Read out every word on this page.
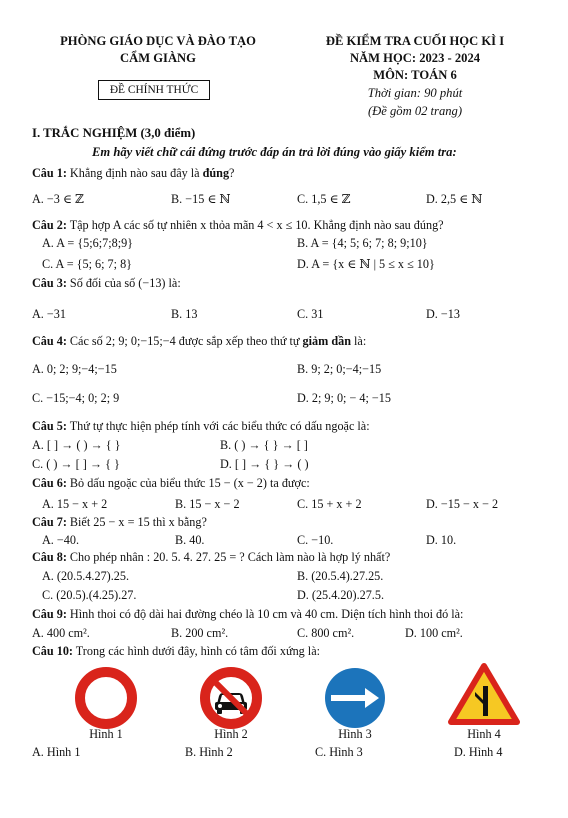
PHÒNG GIÁO DỤC VÀ ĐÀO TẠO
CẨM GIÀNG
ĐỀ CHÍNH THỨC
ĐỀ KIỂM TRA CUỐI HỌC KÌ I
NĂM HỌC: 2023 - 2024
MÔN: TOÁN 6
Thời gian: 90 phút
(Đề gồm 02 trang)
I. TRẮC NGHIỆM (3,0 điểm)
Em hãy viết chữ cái đứng trước đáp án trả lời đúng vào giấy kiểm tra:
Câu 1: Khẳng định nào sau đây là đúng?
A. −3 ∈ ℤ	B. −15 ∈ ℕ	C. 1,5 ∈ ℤ	D. 2,5 ∈ ℕ
Câu 2: Tập hợp A các số tự nhiên x thỏa mãn 4 < x ≤ 10. Khẳng định nào sau đúng?
A. A = {5;6;7;8;9}	B. A = {4; 5; 6; 7; 8; 9;10}
C. A = {5; 6; 7; 8}	D. A = {x ∈ ℕ | 5 ≤ x ≤ 10}
Câu 3: Số đối của số (−13) là:
A. −31	B. 13	C. 31	D. −13
Câu 4: Các số 2; 9; 0;−15;−4 được sắp xếp theo thứ tự giảm dần là:
A. 0; 2; 9;−4;−15	B. 9; 2; 0;−4;−15
C. −15;−4; 0; 2; 9	D. 2; 9; 0; − 4; −15
Câu 5: Thứ tự thực hiện phép tính với các biểu thức có dấu ngoặc là:
A. [ ] → ( ) → { }	B. ( ) → { } → [ ]
C. ( ) → [ ] → { }	D. [ ] → { } → ( )
Câu 6: Bỏ dấu ngoặc của biểu thức 15 − (x − 2) ta được:
A. 15 − x + 2	B. 15 − x − 2	C. 15 + x + 2	D. −15 − x − 2
Câu 7: Biết 25 − x = 15 thì x bằng?
A. −40.	B. 40.	C. −10.	D. 10.
Câu 8: Cho phép nhân : 20. 5. 4. 27. 25 = ? Cách làm nào là hợp lý nhất?
A. (20.5.4.27).25.	B. (20.5.4).27.25.
C. (20.5).(4.25).27.	D. (25.4.20).27.5.
Câu 9: Hình thoi có độ dài hai đường chéo là 10 cm và 40 cm. Diện tích hình thoi đó là:
A. 400 cm².	B. 200 cm².	C. 800 cm².	D. 100 cm².
Câu 10: Trong các hình dưới đây, hình có tâm đối xứng là:
Hình 1	Hình 2	Hình 3	Hình 4
A. Hình 1	B. Hình 2	C. Hình 3	D. Hình 4
